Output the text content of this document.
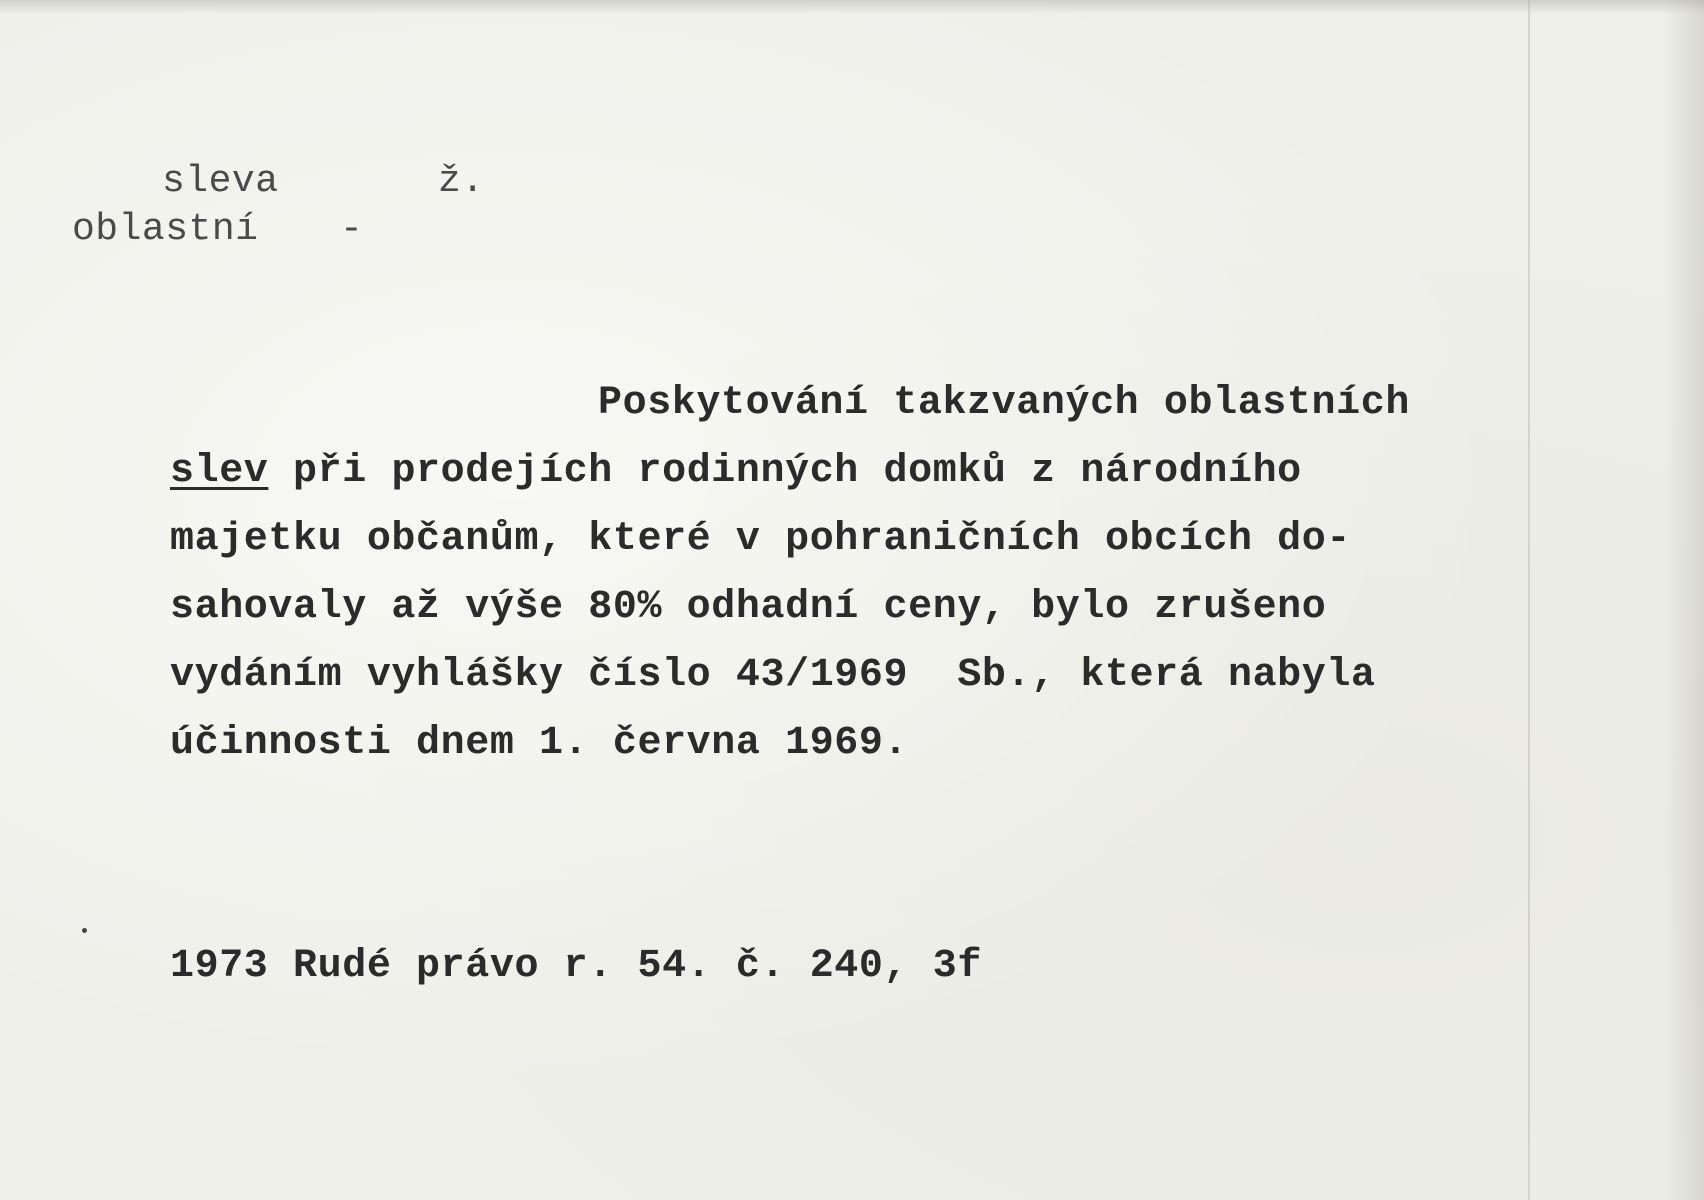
sleva	ž.
oblastní -
Poskytování takzvaných oblastních
slev při prodejích rodinných domků z národního
majetku občanům, které v pohraničních obcích do-
sahovaly až výše 80% odhadní ceny, bylo zrušeno
vydáním vyhlášky číslo 43/1969  Sb., která nabyla
účinnosti dnem 1. června 1969.
1973 Rudé právo r. 54. č. 240, 3f
